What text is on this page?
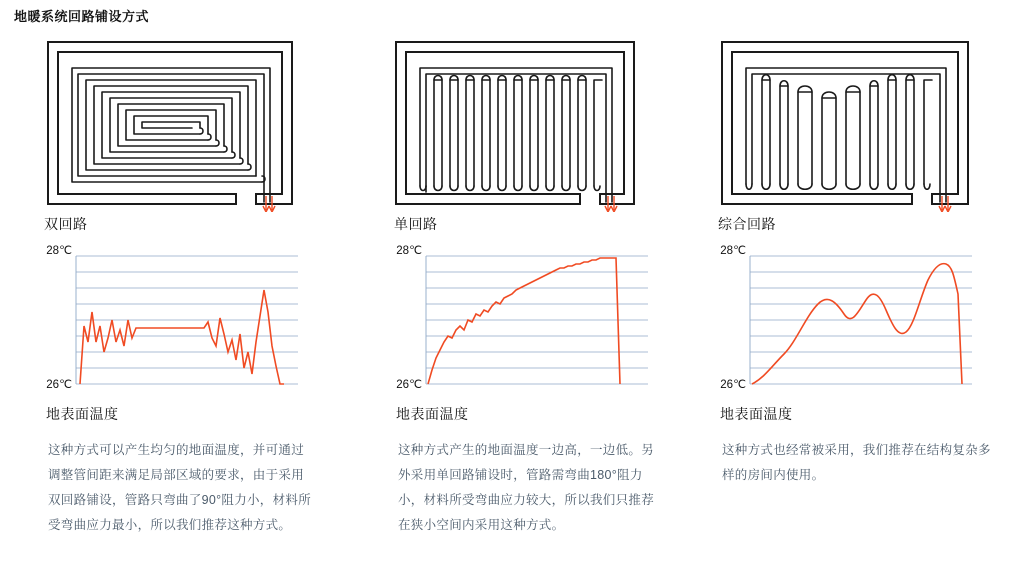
地暖系统回路铺设方式
双回路
28℃
26℃
地表面温度
这种方式可以产生均匀的地面温度，并可通过调整管间距来满足局部区域的要求，由于采用双回路铺设，管路只弯曲了90°阻力小，材料所受弯曲应力最小，所以我们推荐这种方式。
单回路
28℃
26℃
地表面温度
这种方式产生的地面温度一边高，一边低。另外采用单回路铺设时，管路需弯曲180°阻力小，材料所受弯曲应力较大，所以我们只推荐在狭小空间内采用这种方式。
综合回路
28℃
26℃
地表面温度
这种方式也经常被采用，我们推荐在结构复杂多样的房间内使用。
